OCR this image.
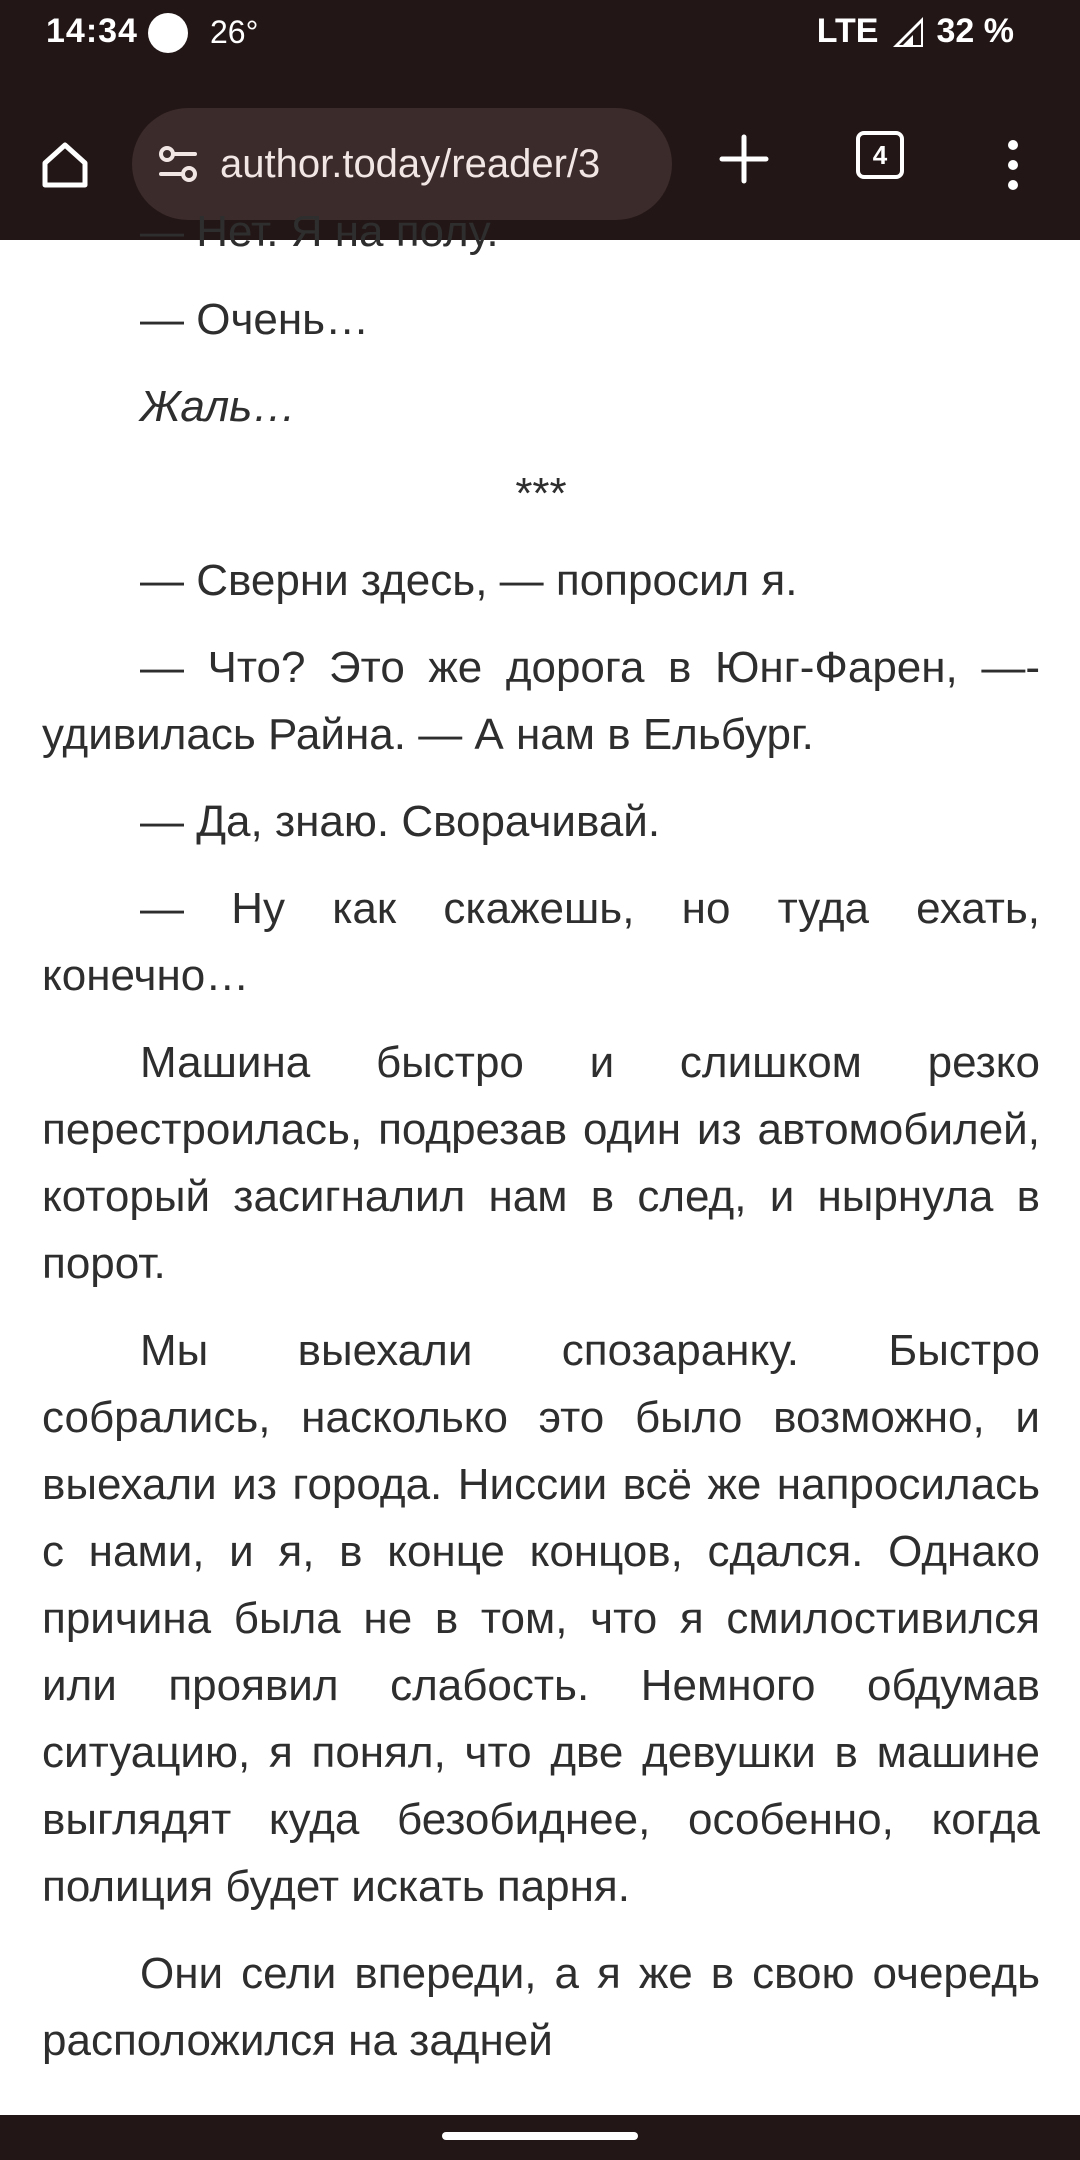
14:34 26°	LTE 32 %
author.today/reader/3	4

— Нет. Я на полу.

— Очень…

Жаль…

***

— Сверни здесь, — попросил я.

— Что? Это же дорога в Юнг-Фарен, —- удивилась Райна. — А нам в Ельбург.

— Да, знаю. Сворачивай.

— Ну как скажешь, но туда ехать, конечно…

Машина быстро и слишком резко перестроилась, подрезав один из автомобилей, который засигналил нам в след, и нырнула в порот.

Мы выехали спозаранку. Быстро собрались, насколько это было возможно, и выехали из города. Ниссии всё же напросилась с нами, и я, в конце концов, сдался. Однако причина была не в том, что я смилостивился или проявил слабость. Немного обдумав ситуацию, я понял, что две девушки в машине выглядят куда безобиднее, особенно, когда полиция будет искать парня.

Они сели впереди, а я же в свою очередь расположился на задней
